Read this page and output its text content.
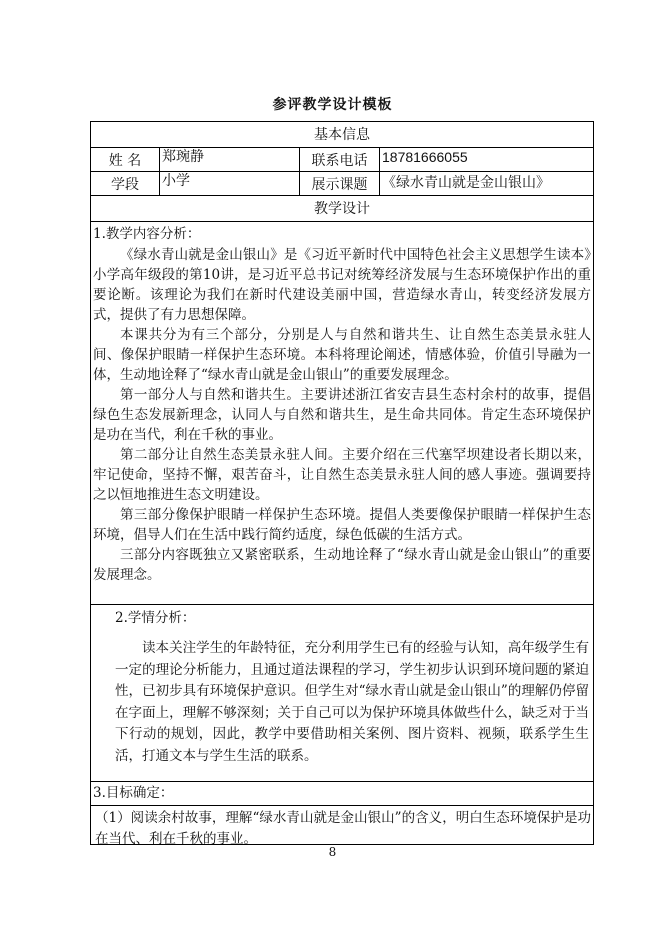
参评教学设计模板
基本信息
姓 名	郑琬静	联系电话	18781666055
学段	小学	展示课题	《绿水青山就是金山银山》
教学设计

1.教学内容分析：

《绿水青山就是金山银山》是《习近平新时代中国特色社会主义思想学生读本》小学高年级段的第10讲，是习近平总书记对统筹经济发展与生态环境保护作出的重要论断。该理论为我们在新时代建设美丽中国，营造绿水青山，转变经济发展方式，提供了有力思想保障。

本课共分为有三个部分，分别是人与自然和谐共生、让自然生态美景永驻人间、像保护眼睛一样保护生态环境。本科将理论阐述，情感体验，价值引导融为一体，生动地诠释了“绿水青山就是金山银山”的重要发展理念。

第一部分人与自然和谐共生。主要讲述浙江省安吉县生态村余村的故事，提倡绿色生态发展新理念，认同人与自然和谐共生，是生命共同体。肯定生态环境保护是功在当代，利在千秋的事业。

第二部分让自然生态美景永驻人间。主要介绍在三代塞罕坝建设者长期以来，牢记使命，坚持不懈，艰苦奋斗，让自然生态美景永驻人间的感人事迹。强调要持之以恒地推进生态文明建设。

第三部分像保护眼睛一样保护生态环境。提倡人类要像保护眼睛一样保护生态环境，倡导人们在生活中践行简约适度，绿色低碳的生活方式。

三部分内容既独立又紧密联系，生动地诠释了“绿水青山就是金山银山”的重要发展理念。

2.学情分析：

读本关注学生的年龄特征，充分利用学生已有的经验与认知，高年级学生有一定的理论分析能力，且通过道法课程的学习，学生初步认识到环境问题的紧迫性，已初步具有环境保护意识。但学生对“绿水青山就是金山银山”的理解仍停留在字面上，理解不够深刻；关于自己可以为保护环境具体做些什么，缺乏对于当下行动的规划，因此，教学中要借助相关案例、图片资料、视频，联系学生生活，打通文本与学生生活的联系。

3.目标确定：

（1）阅读余村故事，理解“绿水青山就是金山银山”的含义，明白生态环境保护是功在当代、利在千秋的事业。

8
